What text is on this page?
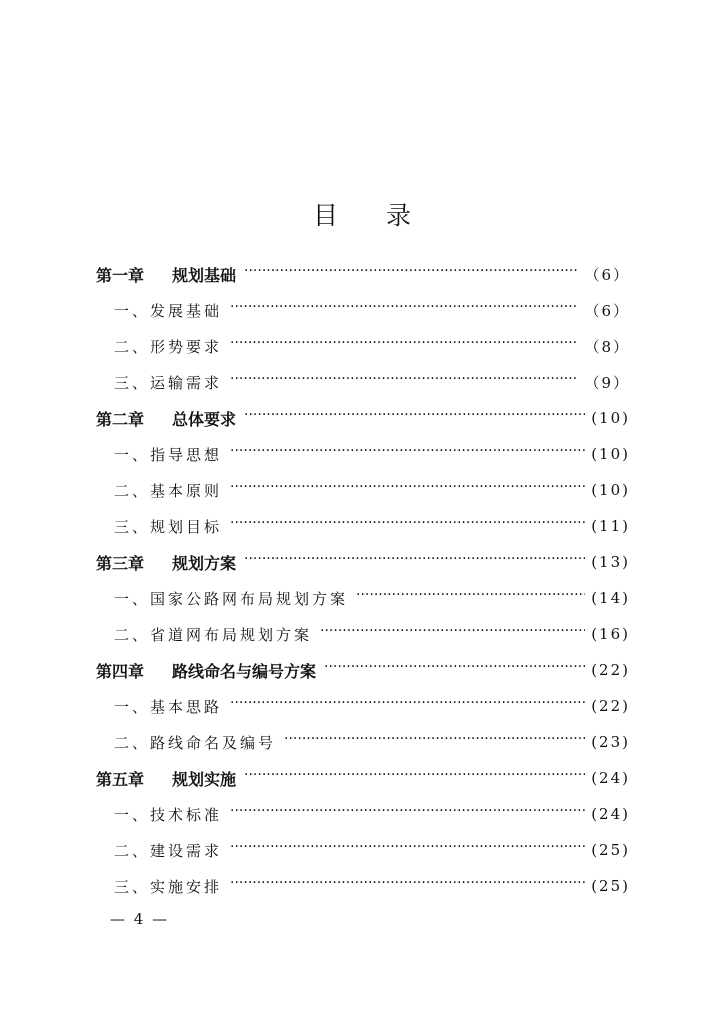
目 录
第一章 规划基础 ·····	（6）
一、发展基础 ·····	（6）
二、形势要求 ·····	（8）
三、运输需求 ·····	（9）
第二章 总体要求 ·····	(10)
一、指导思想 ·····	(10)
二、基本原则 ·····	(10)
三、规划目标 ·····	(11)
第三章 规划方案 ·····	(13)
一、国家公路网布局规划方案 ·····	(14)
二、省道网布局规划方案 ·····	(16)
第四章 路线命名与编号方案 ·····	(22)
一、基本思路 ·····	(22)
二、路线命名及编号 ·····	(23)
第五章 规划实施 ·····	(24)
一、技术标准 ·····	(24)
二、建设需求 ·····	(25)
三、实施安排 ·····	(25)
— 4 —
